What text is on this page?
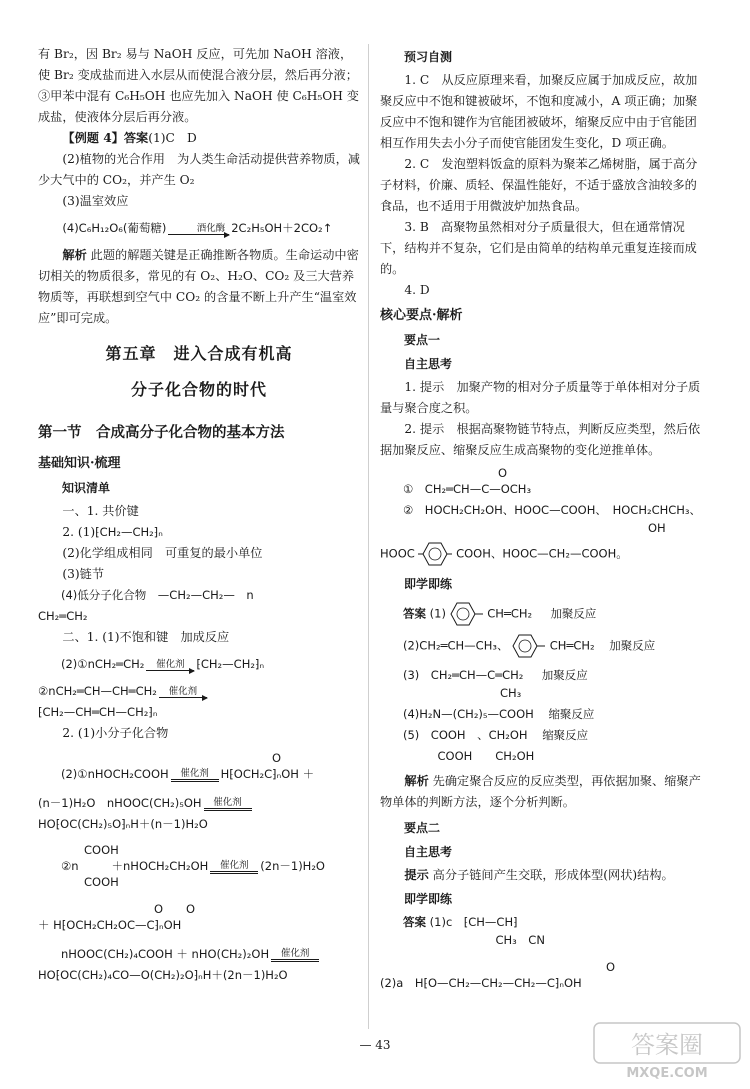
有 Br₂，因 Br₂ 易与 NaOH 反应，可先加 NaOH 溶液，使 Br₂ 变成盐而进入水层从而使混合液分层，然后再分液；③甲苯中混有 C₆H₅OH 也应先加入 NaOH 使 C₆H₅OH 变成盐，使液体分层后再分液。

【例题 4】答案(1)C　D

(2)植物的光合作用　为人类生命活动提供营养物质，减少大气中的 CO₂，并产生 O₂

(3)温室效应

(4)C₆H₁₂O₆(葡萄糖)	酒化酶 2C₂H₅OH＋2CO₂↑

解析 此题的解题关键是正确推断各物质。生命运动中密切相关的物质很多，常见的有 O₂、H₂O、CO₂ 及三大营养物质等，再联想到空气中 CO₂ 的含量不断上升产生“温室效应”即可完成。

第五章　进入合成有机高
分子化合物的时代
第一节　合成高分子化合物的基本方法
基础知识·梳理
知识清单

一、1. 共价键

2. (1)⁅CH₂—CH₂⁆ₙ

(2)化学组成相同　可重复的最小单位

(3)链节

(4)低分子化合物　—CH₂—CH₂—　n

CH₂═CH₂

二、1. (1)不饱和键　加成反应

(2)①nCH₂═CH₂ 催化剂 ⁅CH₂—CH₂⁆ₙ

②nCH₂═CH—CH═CH₂ 催化剂

⁅CH₂—CH═CH—CH₂⁆ₙ

2. (1)小分子化合物

O

(2)①nHOCH₂COOH 催化剂 H⁅OCH₂C⁆ₙOH ＋

(n－1)H₂O　nHOOC(CH₂)₅OH 催化剂

HO⁅OC(CH₂)₅O⁆ₙH＋(n－1)H₂O

COOH

②n	＋nHOCH₂CH₂OH 催化剂 (2n－1)H₂O

COOH

O　　O

＋ H⁅OCH₂CH₂OC—C⁆ₙOH

nHOOC(CH₂)₄COOH ＋ nHO(CH₂)₂OH 催化剂

HO⁅OC(CH₂)₄CO—O(CH₂)₂O⁆ₙH＋(2n－1)H₂O

预习自测

1. C　从反应原理来看，加聚反应属于加成反应，故加聚反应中不饱和键被破坏，不饱和度减小，A 项正确；加聚反应中不饱和键作为官能团被破坏，缩聚反应中由于官能团相互作用失去小分子而使官能团发生变化，D 项正确。

2. C　发泡塑料饭盒的原料为聚苯乙烯树脂，属于高分子材料，价廉、质轻、保温性能好，不适于盛放含油较多的食品，也不适用于用微波炉加热食品。

3. B　高聚物虽然相对分子质量很大，但在通常情况下，结构并不复杂，它们是由简单的结构单元重复连接而成的。

4. D

核心要点·解析
要点一
自主思考

1. 提示　加聚产物的相对分子质量等于单体相对分子质量与聚合度之积。

2. 提示　根据高聚物链节特点，判断反应类型，然后依据加聚反应、缩聚反应生成高聚物的变化逆推单体。

O

①　CH₂═CH—C—OCH₃

②　HOCH₂CH₂OH、HOOC—COOH、　HOCH₂CHCH₃、

OH

HOOC	COOH、HOOC—CH₂—COOH。

即学即练

答案 (1)	CH═CH₂ 加聚反应

(2)CH₂═CH—CH₃、	CH═CH₂ 加聚反应

(3)　CH₂═CH—C═CH₂ 加聚反应

CH₃

(4)H₂N—(CH₂)₅—COOH 缩聚反应

(5)　COOH　、CH₂OH 缩聚反应

　　　COOH　　CH₂OH

解析 先确定聚合反应的反应类型，再依据加聚、缩聚产物单体的判断方法，逐个分析判断。

要点二
自主思考

提示 高分子链间产生交联，形成体型(网状)结构。

即学即练

答案 (1)c　⁅CH—CH⁆

　CH₃　CN

O

(2)a　H⁅O—CH₂—CH₂—CH₂—C⁆ₙOH

— 43	答案圈
MXQE.COM
